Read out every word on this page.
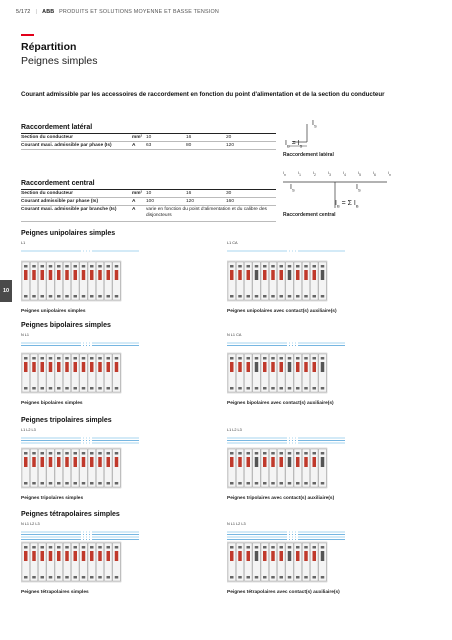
5/172 | ABB PRODUITS ET SOLUTIONS MOYENNE ET BASSE TENSION
Répartition
Peignes simples
Courant admissible par les accessoires de raccordement en fonction du point d'alimentation et de la section du conducteur
Raccordement latéral
Section du conducteur	mm² 10	16	20
Courant maxi. admissible par phase (Is)	A 63	80	120
$I_S$
$I_B = I_S$
Raccordement latéral
Raccordement central
Section du conducteur	mm² 10	16	30
Courant admissible par phase (Is)	A 100	120	160
Courant maxi. admissible par branche (Is)	A varie en fonction du point d'alimentation et du calibre des disjoncteurs
$I_n$	$I_1$	$I_2$	$I_3$	$I_4$	$I_5$	$I_6$	$I_n$
$I_S$	$I_S$
$I_B = \Sigma$ $I_B$
Raccordement central
10
Peignes unipolaires simples
L1
Peignes unipolaires simples
L1 CA
Peignes unipolaires avec contact(s) auxiliaire(s)
Peignes bipolaires simples
N L1
Peignes bipolaires simples
N L1 CA
Peignes bipolaires avec contact(s) auxiliaire(s)
Peignes tripolaires simples
L1 L2 L3
Peignes tripolaires simples
L1 L2 L3
Peignes tripolaires avec contact(s) auxiliaire(s)
Peignes tétrapolaires simples
N L1 L2 L3
Peignes tétrapolaires simples
N L1 L2 L3
Peignes tétrapolaires avec contact(s) auxiliaire(s)
